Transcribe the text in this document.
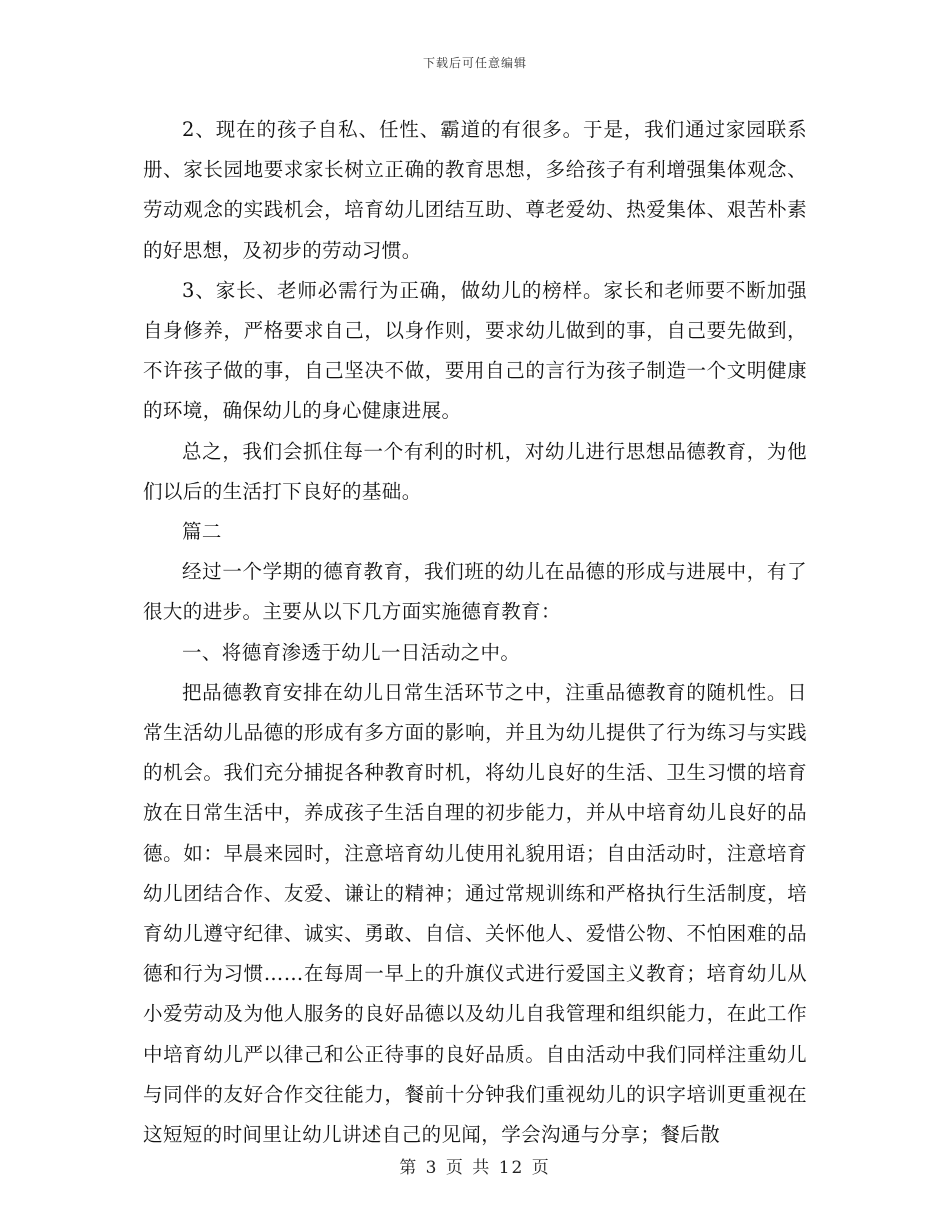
下载后可任意编辑

2、现在的孩子自私、任性、霸道的有很多。于是，我们通过家园联系册、家长园地要求家长树立正确的教育思想，多给孩子有利增强集体观念、劳动观念的实践机会，培育幼儿团结互助、尊老爱幼、热爱集体、艰苦朴素的好思想，及初步的劳动习惯。

3、家长、老师必需行为正确，做幼儿的榜样。家长和老师要不断加强自身修养，严格要求自己，以身作则，要求幼儿做到的事，自己要先做到，不许孩子做的事，自己坚决不做，要用自己的言行为孩子制造一个文明健康的环境，确保幼儿的身心健康进展。

总之，我们会抓住每一个有利的时机，对幼儿进行思想品德教育，为他们以后的生活打下良好的基础。

篇二

经过一个学期的德育教育，我们班的幼儿在品德的形成与进展中，有了很大的进步。主要从以下几方面实施德育教育：

一、将德育渗透于幼儿一日活动之中。

把品德教育安排在幼儿日常生活环节之中，注重品德教育的随机性。日常生活幼儿品德的形成有多方面的影响，并且为幼儿提供了行为练习与实践的机会。我们充分捕捉各种教育时机，将幼儿良好的生活、卫生习惯的培育放在日常生活中，养成孩子生活自理的初步能力，并从中培育幼儿良好的品德。如：早晨来园时，注意培育幼儿使用礼貌用语；自由活动时，注意培育幼儿团结合作、友爱、谦让的精神；通过常规训练和严格执行生活制度，培育幼儿遵守纪律、诚实、勇敢、自信、关怀他人、爱惜公物、不怕困难的品德和行为习惯……在每周一早上的升旗仪式进行爱国主义教育；培育幼儿从小爱劳动及为他人服务的良好品德以及幼儿自我管理和组织能力，在此工作中培育幼儿严以律己和公正待事的良好品质。自由活动中我们同样注重幼儿与同伴的友好合作交往能力，餐前十分钟我们重视幼儿的识字培训更重视在这短短的时间里让幼儿讲述自己的见闻，学会沟通与分享；餐后散

第 3 页 共 12 页
